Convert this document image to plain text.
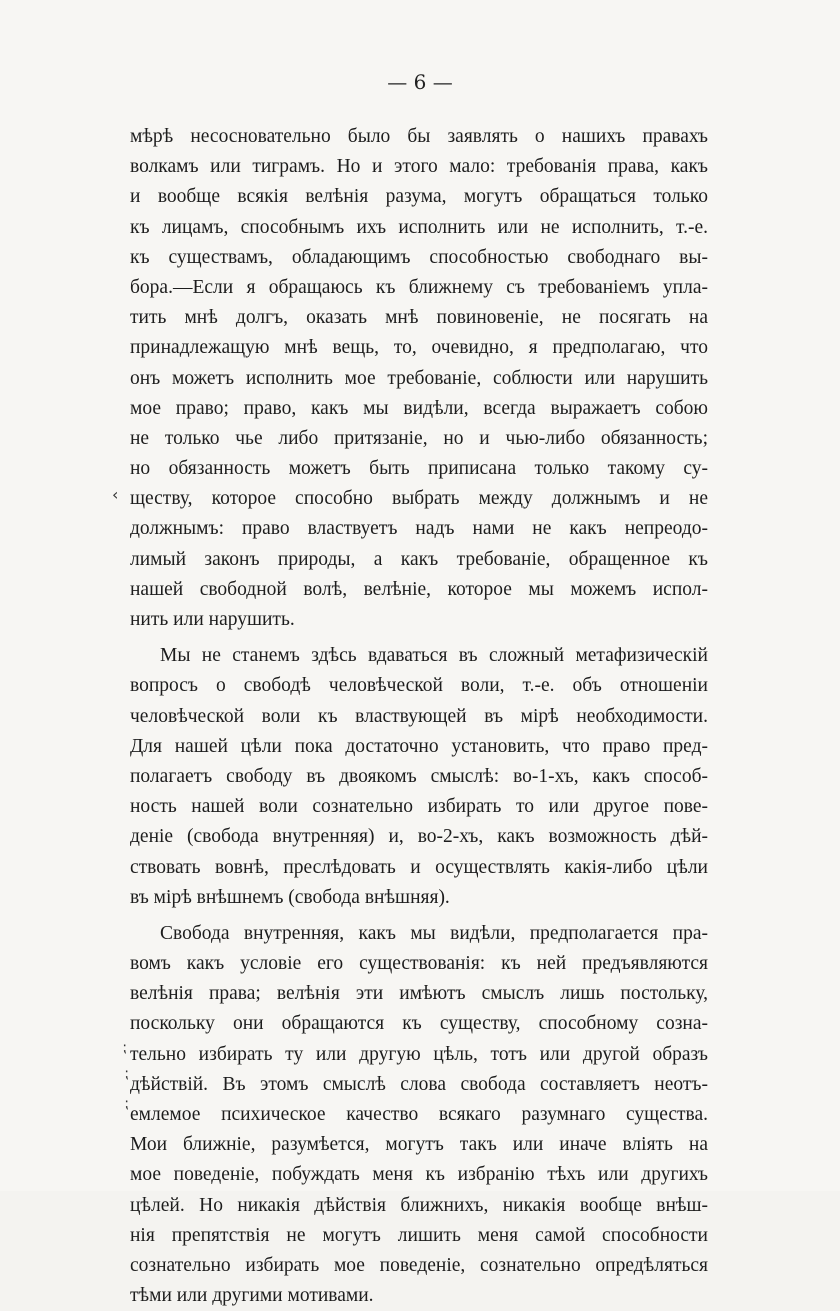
— 6 —
мѣрѣ несосновательно было бы заявлять о нашихъ правахъ
волкамъ или тиграмъ. Но и этого мало: требованія права, какъ
и вообще всякія велѣнія разума, могутъ обращаться только
къ лицамъ, способнымъ ихъ исполнить или не исполнить, т.-е.
къ существамъ, обладающимъ способностью свободнаго вы-
бора.—Если я обращаюсь къ ближнему съ требованіемъ упла-
тить мнѣ долгъ, оказать мнѣ повиновеніе, не посягать на
принадлежащую мнѣ вещь, то, очевидно, я предполагаю, что
онъ можетъ исполнить мое требованіе, соблюсти или нарушить
мое право; право, какъ мы видѣли, всегда выражаетъ собою
не только чье либо притязаніе, но и чью-либо обязанность;
но обязанность можетъ быть приписана только такому су-
ществу, которое способно выбрать между должнымъ и не
должнымъ: право властвуетъ надъ нами не какъ непреодо-
лимый законъ природы, а какъ требованіе, обращенное къ
нашей свободной волѣ, велѣніе, которое мы можемъ испол-
нить или нарушить.
Мы не станемъ здѣсь вдаваться въ сложный метафизическій
вопросъ о свободѣ человѣческой воли, т.-е. объ отношеніи
человѣческой воли къ властвующей въ мірѣ необходимости.
Для нашей цѣли пока достаточно установить, что право пред-
полагаетъ свободу въ двоякомъ смыслѣ: во-1-хъ, какъ способ-
ность нашей воли сознательно избирать то или другое пове-
деніе (свобода внутренняя) и, во-2-хъ, какъ возможность дѣй-
ствовать вовнѣ, преслѣдовать и осуществлять какія-либо цѣли
въ мірѣ внѣшнемъ (свобода внѣшняя).
Свобода внутренняя, какъ мы видѣли, предполагается пра-
вомъ какъ условіе его существованія: къ ней предъявляются
велѣнія права; велѣнія эти имѣютъ смыслъ лишь постольку,
поскольку они обращаются къ существу, способному созна-
тельно избирать ту или другую цѣль, тотъ или другой образъ
дѣйствій. Въ этомъ смыслѣ слова свобода составляетъ неотъ-
емлемое психическое качество всякаго разумнаго существа.
Мои ближніе, разумѣется, могутъ такъ или иначе влiять на
мое поведеніе, побуждать меня къ избранію тѣхъ или другихъ
цѣлей. Но никакія дѣйствія ближнихъ, никакія вообще внѣш-
нія препятствія не могутъ лишить меня самой способности
сознательно избирать мое поведеніе, сознательно опредѣляться
тѣми или другими мотивами.
‹
⁏
⁏
⁏
